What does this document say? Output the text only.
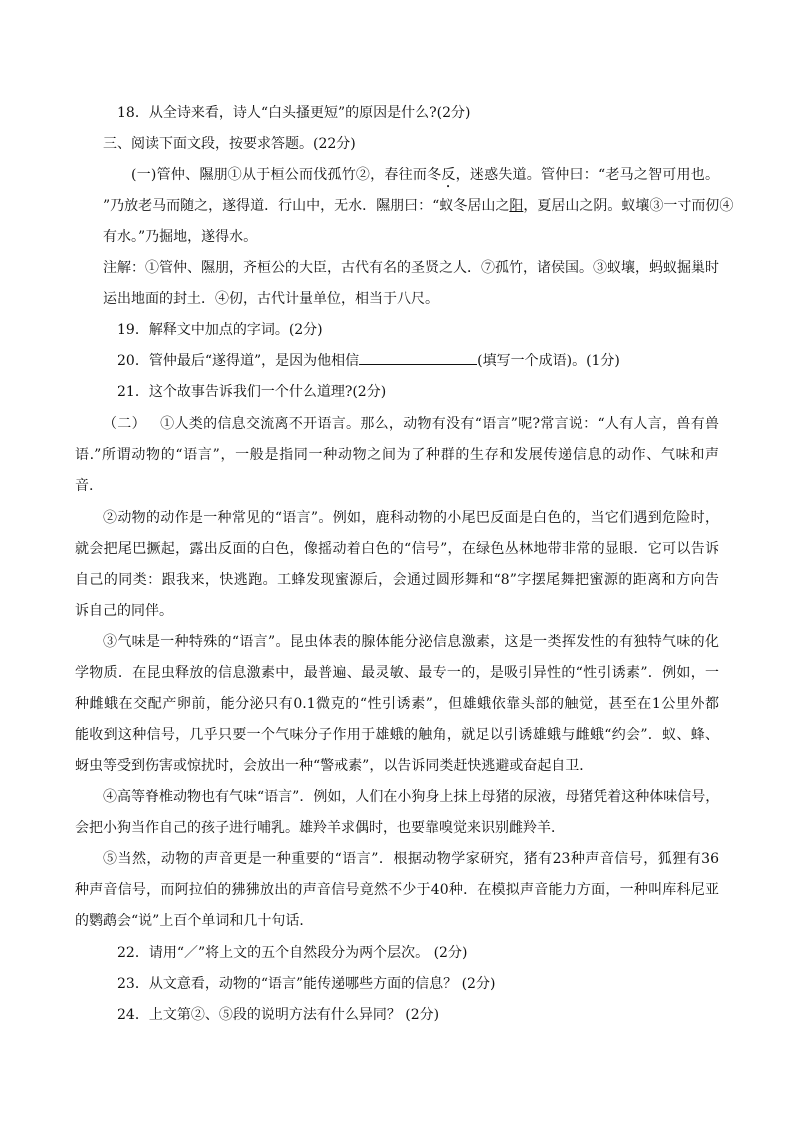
18．从全诗来看，诗人“白头搔更短”的原因是什么?(2分)
三、阅读下面文段，按要求答题。(22分)
(一)管仲、隰朋①从于桓公而伐孤竹②，春往而冬反，迷惑失道。管仲曰：“老马之智可用也。
”乃放老马而随之，遂得道．行山中，无水．隰朋曰：“蚁冬居山之阳，夏居山之阴。蚁壤③一寸而仞④
有水。”乃掘地，遂得水。
注解：①管仲、隰朋，齐桓公的大臣，古代有名的圣贤之人．⑦孤竹，诸侯国。③蚁壤，蚂蚁掘巢时
运出地面的封土．④仞，古代计量单位，相当于八尺。
19．解释文中加点的字词。(2分)
20．管仲最后“遂得道”，是因为他相信	(填写一个成语)。(1分)
21．这个故事告诉我们一个什么道理?(2分)
（二） ①人类的信息交流离不开语言。那么，动物有没有“语言”呢?常言说：“人有人言，兽有兽
语.”所谓动物的“语言”，一般是指同一种动物之间为了种群的生存和发展传递信息的动作、气味和声
音.
②动物的动作是一种常见的“语言”。例如，鹿科动物的小尾巴反面是白色的，当它们遇到危险时，
就会把尾巴撅起，露出反面的白色，像摇动着白色的“信号”，在绿色丛林地带非常的显眼．它可以告诉
自己的同类：跟我来，快逃跑。工蜂发现蜜源后，会通过圆形舞和“8”字摆尾舞把蜜源的距离和方向告
诉自己的同伴。
③气味是一种特殊的“语言”。昆虫体表的腺体能分泌信息激素，这是一类挥发性的有独特气味的化
学物质．在昆虫释放的信息激素中，最普遍、最灵敏、最专一的，是吸引异性的“性引诱素”．例如，一
种雌蛾在交配产卵前，能分泌只有0.1微克的“性引诱素”，但雄蛾依靠头部的触觉，甚至在1公里外都
能收到这种信号，几乎只要一个气味分子作用于雄蛾的触角，就足以引诱雄蛾与雌蛾“约会”．蚁、蜂、
蚜虫等受到伤害或惊扰时，会放出一种“警戒素”，以告诉同类赶快逃避或奋起自卫．
④高等脊椎动物也有气味“语言”．例如，人们在小狗身上抹上母猪的尿液，母猪凭着这种体味信号，
会把小狗当作自己的孩子进行哺乳。雄羚羊求偶时，也要靠嗅觉来识别雌羚羊．
⑤当然，动物的声音更是一种重要的“语言”．根据动物学家研究，猪有23种声音信号，狐狸有36
种声音信号，而阿拉伯的狒狒放出的声音信号竟然不少于40种．在模拟声音能力方面，一种叫库科尼亚
的鹦鹉会“说”上百个单词和几十句话．
22．请用“／”将上文的五个自然段分为两个层次。 (2分)
23．从文意看，动物的“语言”能传递哪些方面的信息？ (2分)
24．上文第②、⑤段的说明方法有什么异同？ (2分)
